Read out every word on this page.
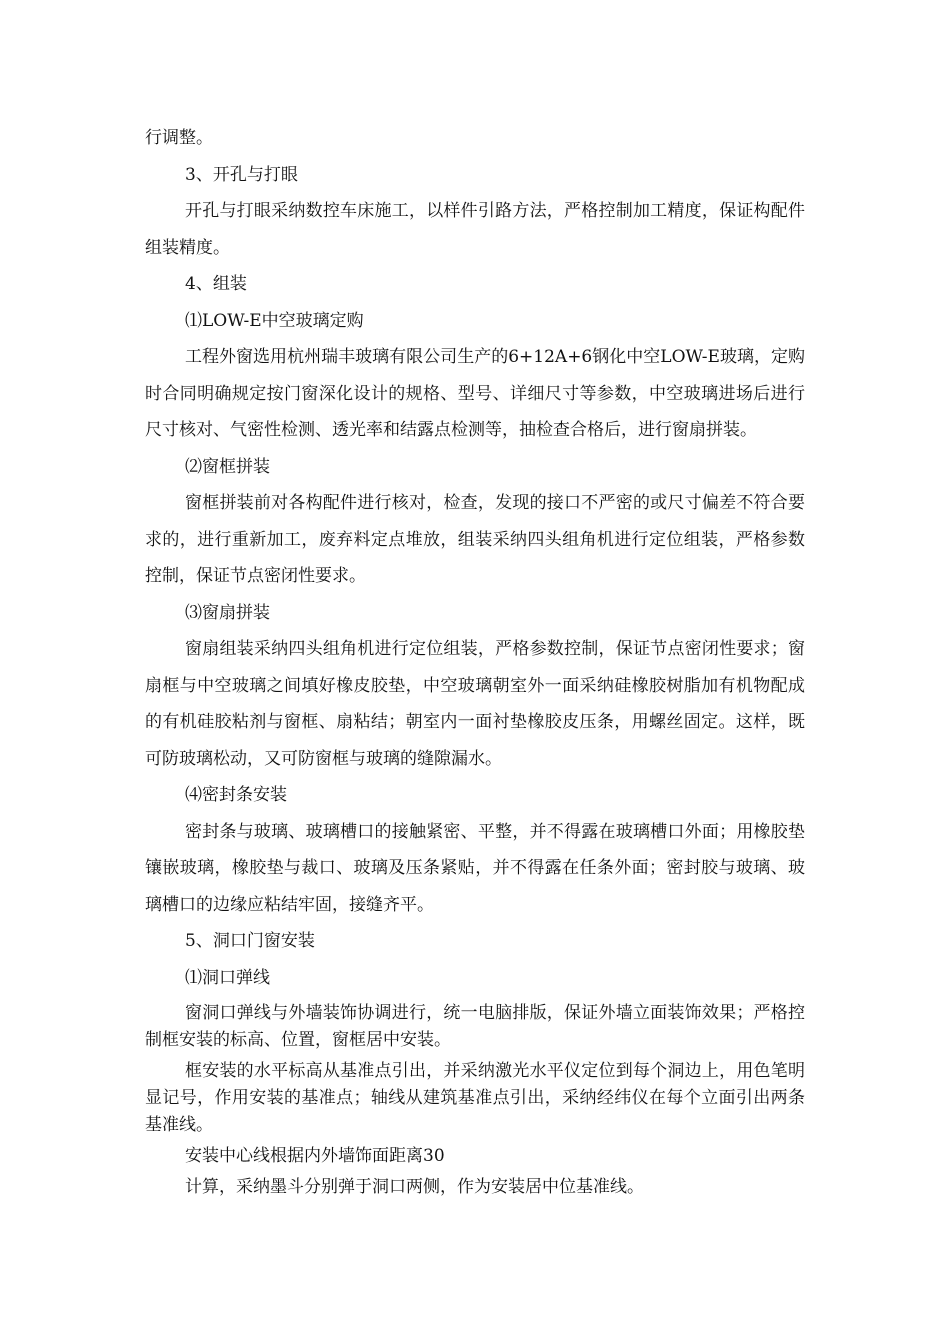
行调整。

3、开孔与打眼

开孔与打眼采纳数控车床施工，以样件引路方法，严格控制加工精度，保证构配件组装精度。

4、组装

⑴LOW-E中空玻璃定购

工程外窗选用杭州瑞丰玻璃有限公司生产的6+12A+6钢化中空LOW-E玻璃，定购时合同明确规定按门窗深化设计的规格、型号、详细尺寸等参数，中空玻璃进场后进行尺寸核对、气密性检测、透光率和结露点检测等，抽检查合格后，进行窗扇拼装。

⑵窗框拼装

窗框拼装前对各构配件进行核对，检查，发现的接口不严密的或尺寸偏差不符合要求的，进行重新加工，废弃料定点堆放，组装采纳四头组角机进行定位组装，严格参数控制，保证节点密闭性要求。

⑶窗扇拼装

窗扇组装采纳四头组角机进行定位组装，严格参数控制，保证节点密闭性要求；窗扇框与中空玻璃之间填好橡皮胶垫，中空玻璃朝室外一面采纳硅橡胶树脂加有机物配成的有机硅胶粘剂与窗框、扇粘结；朝室内一面衬垫橡胶皮压条，用螺丝固定。这样，既可防玻璃松动，又可防窗框与玻璃的缝隙漏水。

⑷密封条安装

密封条与玻璃、玻璃槽口的接触紧密、平整，并不得露在玻璃槽口外面；用橡胶垫镶嵌玻璃，橡胶垫与裁口、玻璃及压条紧贴，并不得露在任条外面；密封胶与玻璃、玻璃槽口的边缘应粘结牢固，接缝齐平。

5、洞口门窗安装

⑴洞口弹线

窗洞口弹线与外墙装饰协调进行，统一电脑排版，保证外墙立面装饰效果；严格控制框安装的标高、位置，窗框居中安装。

框安装的水平标高从基准点引出，并采纳激光水平仪定位到每个洞边上，用色笔明显记号，作用安装的基准点；轴线从建筑基准点引出，采纳经纬仪在每个立面引出两条基准线。

安装中心线根据内外墙饰面距离30

计算，采纳墨斗分别弹于洞口两侧，作为安装居中位基准线。
